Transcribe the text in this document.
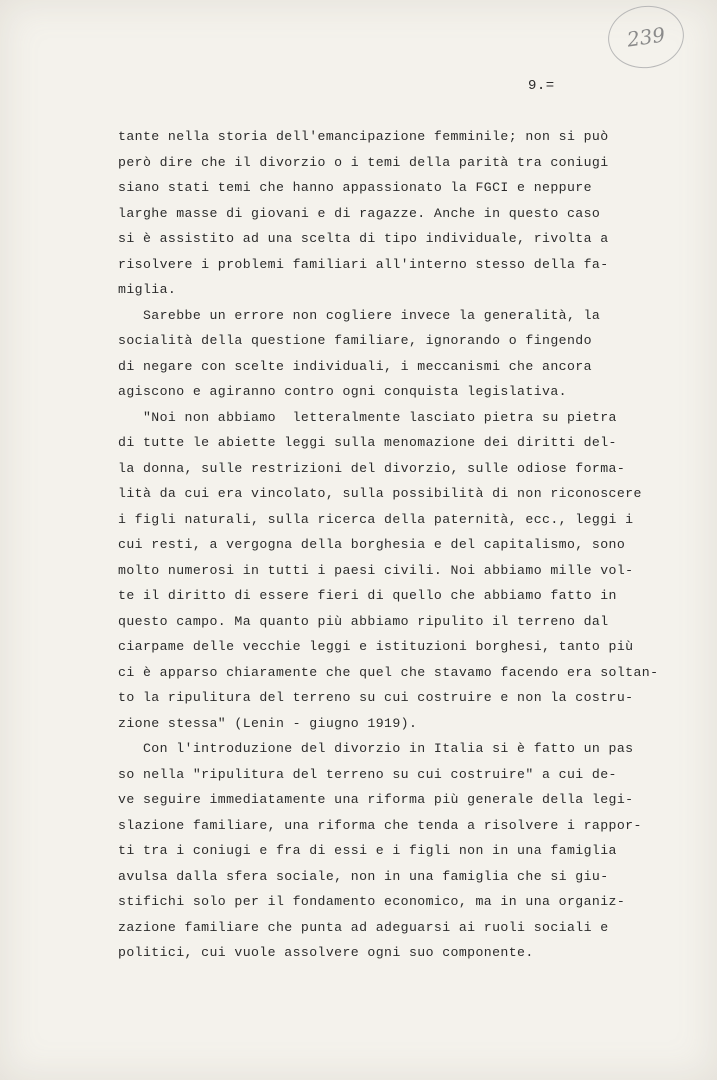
239
9.=
tante nella storia dell'emancipazione femminile; non si può
però dire che il divorzio o i temi della parità tra coniugi
siano stati temi che hanno appassionato la FGCI e neppure
larghe masse di giovani e di ragazze. Anche in questo caso
si è assistito ad una scelta di tipo individuale, rivolta a
risolvere i problemi familiari all'interno stesso della fa-
miglia.
Sarebbe un errore non cogliere invece la generalità, la
socialità della questione familiare, ignorando o fingendo
di negare con scelte individuali, i meccanismi che ancora
agiscono e agiranno contro ogni conquista legislativa.
"Noi non abbiamo  letteralmente lasciato pietra su pietra
di tutte le abiette leggi sulla menomazione dei diritti del-
la donna, sulle restrizioni del divorzio, sulle odiose forma-
lità da cui era vincolato, sulla possibilità di non riconoscere
i figli naturali, sulla ricerca della paternità, ecc., leggi i
cui resti, a vergogna della borghesia e del capitalismo, sono
molto numerosi in tutti i paesi civili. Noi abbiamo mille vol-
te il diritto di essere fieri di quello che abbiamo fatto in
questo campo. Ma quanto più abbiamo ripulito il terreno dal
ciarpame delle vecchie leggi e istituzioni borghesi, tanto più
ci è apparso chiaramente che quel che stavamo facendo era soltan-
to la ripulitura del terreno su cui costruire e non la costru-
zione stessa" (Lenin - giugno 1919).
Con l'introduzione del divorzio in Italia si è fatto un pas
so nella "ripulitura del terreno su cui costruire" a cui de-
ve seguire immediatamente una riforma più generale della legi-
slazione familiare, una riforma che tenda a risolvere i rappor-
ti tra i coniugi e fra di essi e i figli non in una famiglia
avulsa dalla sfera sociale, non in una famiglia che si giu-
stifichi solo per il fondamento economico, ma in una organiz-
zazione familiare che punta ad adeguarsi ai ruoli sociali e
politici, cui vuole assolvere ogni suo componente.
